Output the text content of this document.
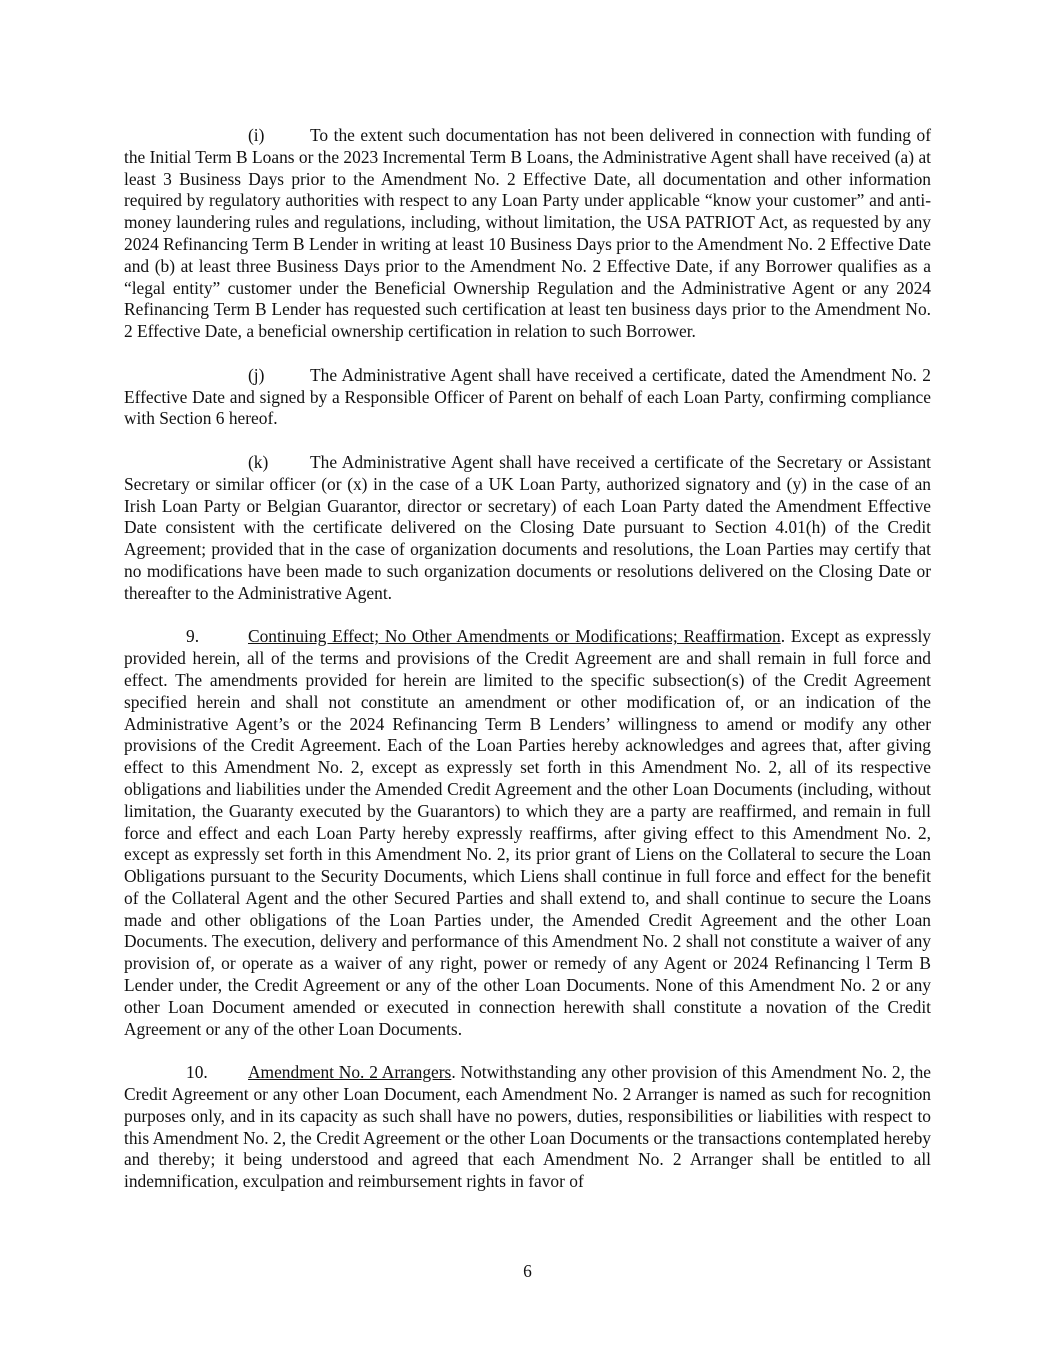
(i)	To the extent such documentation has not been delivered in connection with funding of the Initial Term B Loans or the 2023 Incremental Term B Loans, the Administrative Agent shall have received (a) at least 3 Business Days prior to the Amendment No. 2 Effective Date, all documentation and other information required by regulatory authorities with respect to any Loan Party under applicable “know your customer” and anti-money laundering rules and regulations, including, without limitation, the USA PATRIOT Act, as requested by any 2024 Refinancing Term B Lender in writing at least 10 Business Days prior to the Amendment No. 2 Effective Date and (b) at least three Business Days prior to the Amendment No. 2 Effective Date, if any Borrower qualifies as a “legal entity” customer under the Beneficial Ownership Regulation and the Administrative Agent or any 2024 Refinancing Term B Lender has requested such certification at least ten business days prior to the Amendment No. 2 Effective Date, a beneficial ownership certification in relation to such Borrower.

(j)	The Administrative Agent shall have received a certificate, dated the Amendment No. 2 Effective Date and signed by a Responsible Officer of Parent on behalf of each Loan Party, confirming compliance with Section 6 hereof.

(k) The Administrative Agent shall have received a certificate of the Secretary or Assistant Secretary or similar officer (or (x) in the case of a UK Loan Party, authorized signatory and (y) in the case of an Irish Loan Party or Belgian Guarantor, director or secretary) of each Loan Party dated the Amendment Effective Date consistent with the certificate delivered on the Closing Date pursuant to Section 4.01(h) of the Credit Agreement; provided that in the case of organization documents and resolutions, the Loan Parties may certify that no modifications have been made to such organization documents or resolutions delivered on the Closing Date or thereafter to the Administrative Agent.

9.	Continuing Effect; No Other Amendments or Modifications; Reaffirmation. Except as expressly provided herein, all of the terms and provisions of the Credit Agreement are and shall remain in full force and effect. The amendments provided for herein are limited to the specific subsection(s) of the Credit Agreement specified herein and shall not constitute an amendment or other modification of, or an indication of the Administrative Agent’s or the 2024 Refinancing Term B Lenders’ willingness to amend or modify any other provisions of the Credit Agreement. Each of the Loan Parties hereby acknowledges and agrees that, after giving effect to this Amendment No. 2, except as expressly set forth in this Amendment No. 2, all of its respective obligations and liabilities under the Amended Credit Agreement and the other Loan Documents (including, without limitation, the Guaranty executed by the Guarantors) to which they are a party are reaffirmed, and remain in full force and effect and each Loan Party hereby expressly reaffirms, after giving effect to this Amendment No. 2, except as expressly set forth in this Amendment No. 2, its prior grant of Liens on the Collateral to secure the Loan Obligations pursuant to the Security Documents, which Liens shall continue in full force and effect for the benefit of the Collateral Agent and the other Secured Parties and shall extend to, and shall continue to secure the Loans made and other obligations of the Loan Parties under, the Amended Credit Agreement and the other Loan Documents. The execution, delivery and performance of this Amendment No. 2 shall not constitute a waiver of any provision of, or operate as a waiver of any right, power or remedy of any Agent or 2024 Refinancing l Term B Lender under, the Credit Agreement or any of the other Loan Documents. None of this Amendment No. 2 or any other Loan Document amended or executed in connection herewith shall constitute a novation of the Credit Agreement or any of the other Loan Documents.

10. Amendment No. 2 Arrangers. Notwithstanding any other provision of this Amendment No. 2, the Credit Agreement or any other Loan Document, each Amendment No. 2 Arranger is named as such for recognition purposes only, and in its capacity as such shall have no powers, duties, responsibilities or liabilities with respect to this Amendment No. 2, the Credit Agreement or the other Loan Documents or the transactions contemplated hereby and thereby; it being understood and agreed that each Amendment No. 2 Arranger shall be entitled to all indemnification, exculpation and reimbursement rights in favor of

6
